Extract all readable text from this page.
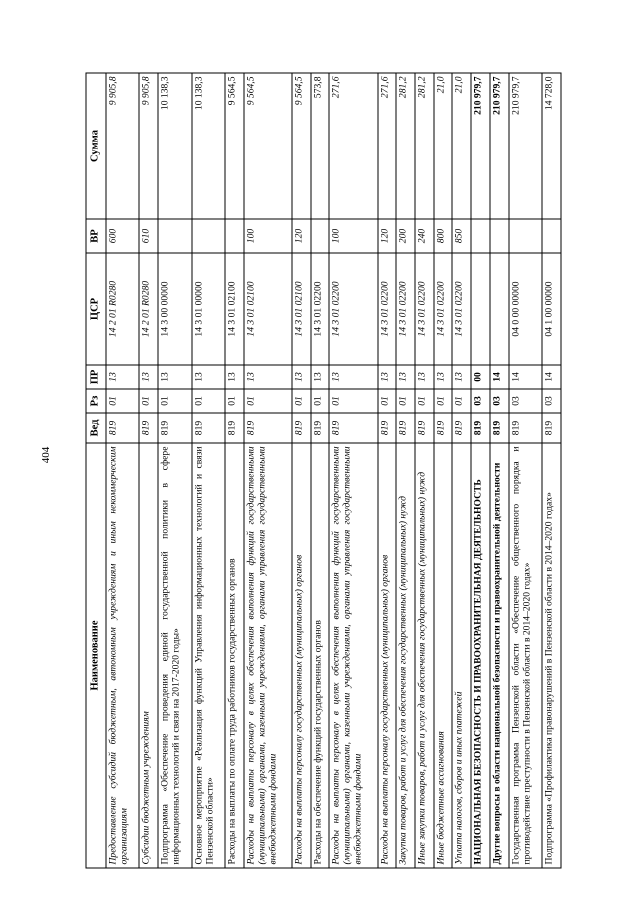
404
Наименование	Вед	Рз	ПР	ЦСР	ВР	Сумма
Предоставление субсидий бюджетным, автономным учреждениям и иным некоммерческим организациям	819	01	13	14 2 01 R0280	600	9 905,8
Субсидии бюджетным учреждениям	819	01	13	14 2 01 R0280	610	9 905,8
Подпрограмма «Обеспечение проведения единой государственной политики в сфере информационных технологий и связи на 2017-2020 годы»	819	01	13	14 3 00 00000		10 138,3
Основное мероприятие «Реализация функций Управления информационных технологий и связи Пензенской области»	819	01	13	14 3 01 00000		10 138,3
Расходы на выплаты по оплате труда работников государственных органов	819	01	13	14 3 01 02100		9 564,5
Расходы на выплаты персоналу в целях обеспечения выполнения функций государственными (муниципальными) органами, казенными учреждениями, органами управления государственными внебюджетными фондами	819	01	13	14 3 01 02100	100	9 564,5
Расходы на выплаты персоналу государственных (муниципальных) органов	819	01	13	14 3 01 02100	120	9 564,5
Расходы на обеспечение функций государственных органов	819	01	13	14 3 01 02200		573,8
Расходы на выплаты персоналу в целях обеспечения выполнения функций государственными (муниципальными) органами, казенными учреждениями, органами управления государственными внебюджетными фондами	819	01	13	14 3 01 02200	100	271,6
Расходы на выплаты персоналу государственных (муниципальных) органов	819	01	13	14 3 01 02200	120	271,6
Закупка товаров, работ и услуг для обеспечения государственных (муниципальных) нужд	819	01	13	14 3 01 02200	200	281,2
Иные закупки товаров, работ и услуг для обеспечения государственных (муниципальных) нужд	819	01	13	14 3 01 02200	240	281,2
Иные бюджетные ассигнования	819	01	13	14 3 01 02200	800	21,0
Уплата налогов, сборов и иных платежей	819	01	13	14 3 01 02200	850	21,0
НАЦИОНАЛЬНАЯ БЕЗОПАСНОСТЬ И ПРАВООХРАНИТЕЛЬНАЯ ДЕЯТЕЛЬНОСТЬ	819	03	00			210 979,7
Другие вопросы в области национальной безопасности и правоохранительной деятельности	819	03	14			210 979,7
Государственная программа Пензенской области «Обеспечение общественного порядка и противодействие преступности в Пензенской области в 2014–2020 годах»	819	03	14	04 0 00 00000		210 979,7
Подпрограмма «Профилактика правонарушений в Пензенской области в 2014–2020 годах»	819	03	14	04 1 00 00000		14 728,0
